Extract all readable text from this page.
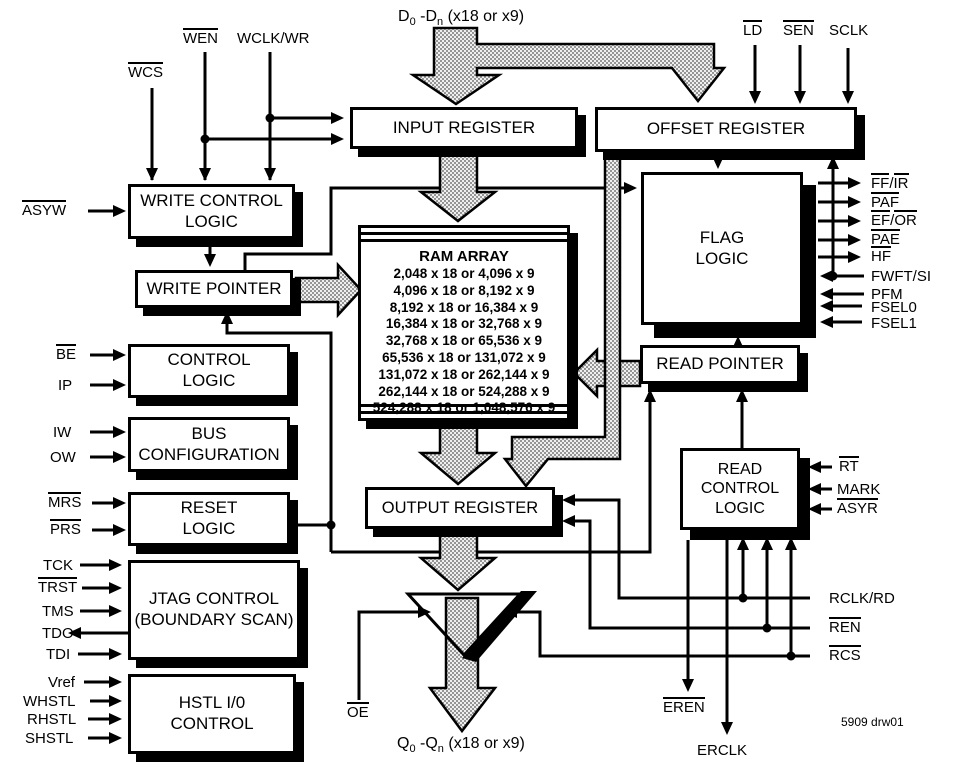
INPUT REGISTER	OFFSET REGISTER
WRITE CONTROL
LOGIC
WRITE POINTER
RAM ARRAY
2,048 x 18 or 4,096 x 9
4,096 x 18 or 8,192 x 9
8,192 x 18 or 16,384 x 9
16,384 x 18 or 32,768 x 9
32,768 x 18 or 65,536 x 9
65,536 x 18 or 131,072 x 9
131,072 x 18 or 262,144 x 9
262,144 x 18 or 524,288 x 9
524,288 x 18 or 1,048,576 x 9
FLAG
LOGIC
READ POINTER
CONTROL
LOGIC
BUS
CONFIGURATION
RESET
LOGIC
JTAG CONTROL
(BOUNDARY SCAN)
HSTL I/0
CONTROL
OUTPUT REGISTER
READ
CONTROL
LOGIC
$D_0$ $-D_n$ (x18 or x9)
WEN WCLK/WR
WCS
LD SEN SCLK
ASYW
BE
IP
IW
OW
MRS
PRS
TCK
TRST
TMS
TDO
TDI
Vref
WHSTL
RHSTL
SHSTL
FF/IR
PAF
EF/OR
PAE
HF
FWFT/SI
PFM
FSEL0
FSEL1
RT
MARK
ASYR
RCLK/RD
REN
RCS
OE
$Q_0$ $-Q_n$ (x18 or x9)
EREN
ERCLK
5909 drw01
